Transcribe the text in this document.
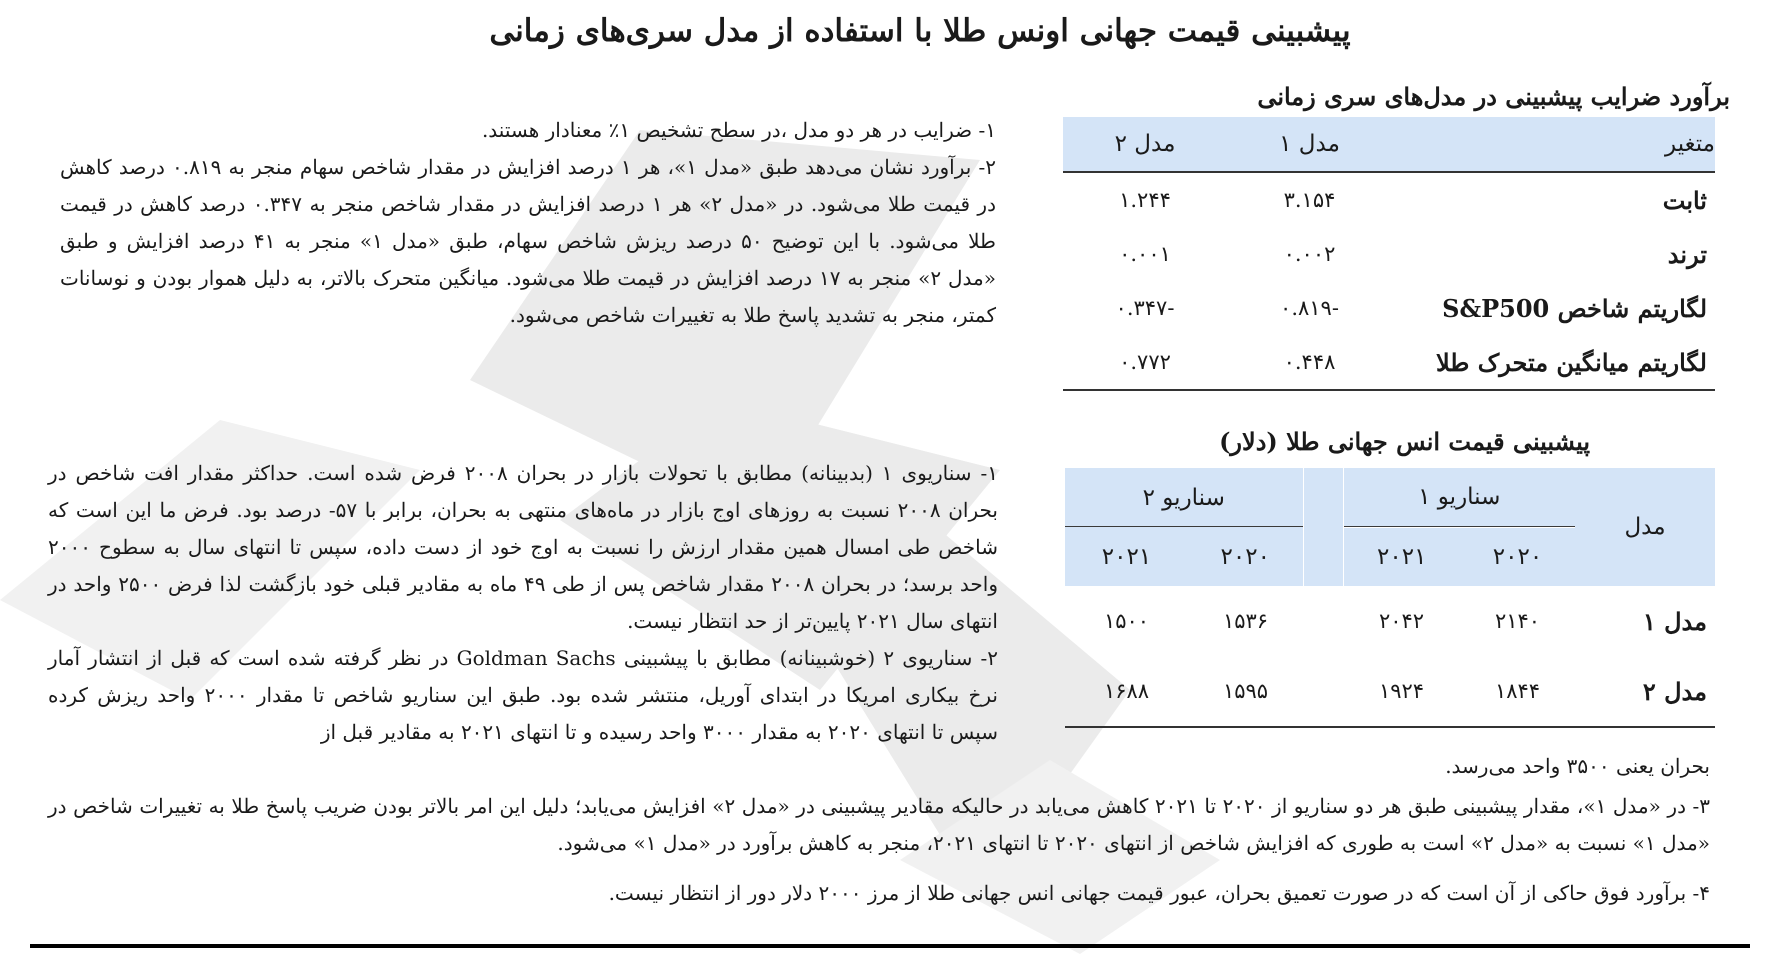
پیشبینی قیمت جهانی اونس طلا با استفاده از مدل سری‌های زمانی
برآورد ضرایب پیشبینی در مدل‌های سری زمانی
متغیر	مدل ۱	مدل ۲
ثابت	۳.۱۵۴	۱.۲۴۴
ترند	۰.۰۰۲	۰.۰۰۱
لگاریتم شاخص S&P500	-۰.۸۱۹	-۰.۳۴۷
لگاریتم میانگین متحرک طلا	۰.۴۴۸	۰.۷۷۲
پیشبینی قیمت انس جهانی طلا (دلار)
مدل	سناریو ۱			سناریو ۲	
	۲۰۲۰	۲۰۲۱		۲۰۲۰	۲۰۲۱
مدل ۱	۲۱۴۰	۲۰۴۲		۱۵۳۶	۱۵۰۰
مدل ۲	۱۸۴۴	۱۹۲۴		۱۵۹۵	۱۶۸۸

۱- ضرایب در هر دو مدل ،در سطح تشخیص ۱٪ معنادار هستند.

۲- برآورد نشان می‌دهد طبق «مدل ۱»، هر ۱ درصد افزایش در مقدار شاخص سهام منجر به ۰.۸۱۹ درصد کاهش در قیمت طلا می‌شود. در «مدل ۲» هر ۱ درصد افزایش در مقدار شاخص منجر به ۰.۳۴۷ درصد کاهش در قیمت طلا می‌شود. با این توضیح ۵۰ درصد ریزش شاخص سهام، طبق «مدل ۱» منجر به ۴۱ درصد افزایش و طبق «مدل ۲» منجر به ۱۷ درصد افزایش در قیمت طلا می‌شود. میانگین متحرک بالاتر، به دلیل هموار بودن و نوسانات کمتر، منجر به تشدید پاسخ طلا به تغییرات شاخص می‌شود.

۱- سناریوی ۱ (بدبینانه) مطابق با تحولات بازار در بحران ۲۰۰۸ فرض شده است. حداکثر مقدار افت شاخص در بحران ۲۰۰۸ نسبت به روزهای اوج بازار در ماه‌های منتهی به بحران، برابر با ۵۷- درصد بود. فرض ما این است که شاخص طی امسال همین مقدار ارزش را نسبت به اوج خود از دست داده، سپس تا انتهای سال به سطوح ۲۰۰۰ واحد برسد؛ در بحران ۲۰۰۸ مقدار شاخص پس از طی ۴۹ ماه به مقادیر قبلی خود بازگشت لذا فرض ۲۵۰۰ واحد در انتهای سال ۲۰۲۱ پایین‌تر از حد انتظار نیست.

۲- سناریوی ۲ (خوشبینانه) مطابق با پیشبینی Goldman Sachs در نظر گرفته شده است که قبل از انتشار آمار نرخ بیکاری امریکا در ابتدای آوریل، منتشر شده بود. طبق این سناریو شاخص تا مقدار ۲۰۰۰ واحد ریزش کرده سپس تا انتهای ۲۰۲۰ به مقدار ۳۰۰۰ واحد رسیده و تا انتهای ۲۰۲۱ به مقادیر قبل از

بحران یعنی ۳۵۰۰ واحد می‌رسد.
۳- در «مدل ۱»، مقدار پیشبینی طبق هر دو سناریو از ۲۰۲۰ تا ۲۰۲۱ کاهش می‌یابد در حالیکه مقادیر پیشبینی در «مدل ۲» افزایش می‌یابد؛ دلیل این امر بالاتر بودن ضریب پاسخ طلا به تغییرات شاخص در «مدل ۱» نسبت به «مدل ۲» است به طوری که افزایش شاخص از انتهای ۲۰۲۰ تا انتهای ۲۰۲۱، منجر به کاهش برآورد در «مدل ۱» می‌شود.
۴- برآورد فوق حاکی از آن است که در صورت تعمیق بحران، عبور قیمت جهانی انس جهانی طلا از مرز ۲۰۰۰ دلار دور از انتظار نیست.
